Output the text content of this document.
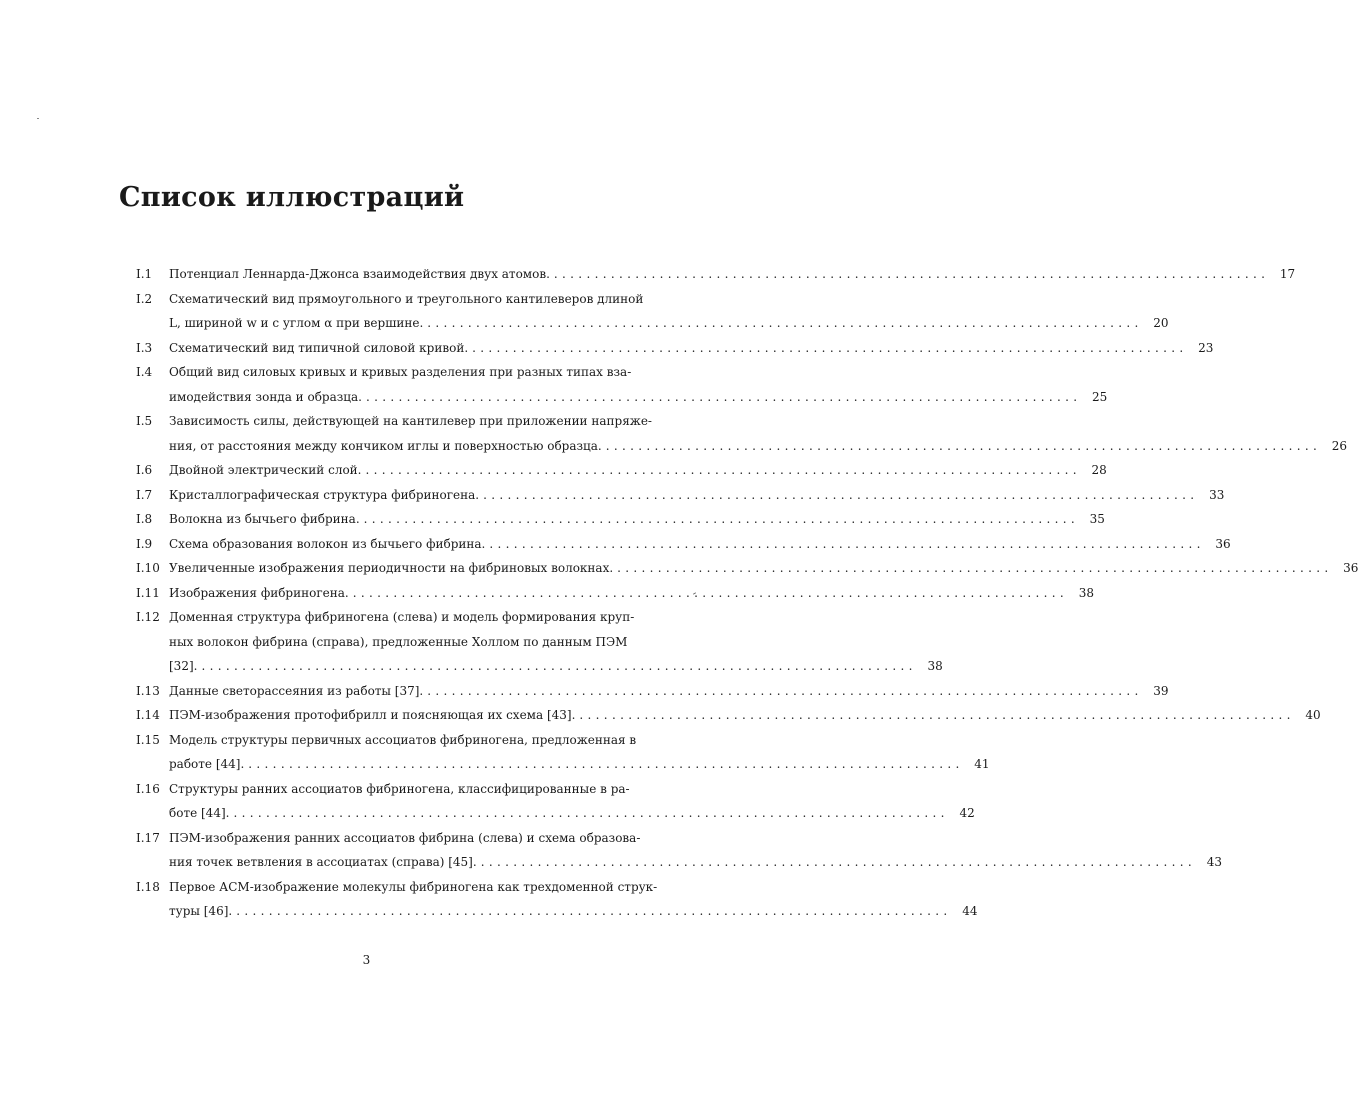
Список иллюстраций
I.1	Потенциал Леннарда-Джонса взаимодействия двух атомов. . . .	17
I.2	Схематический вид прямоугольного и треугольного кантилеверов длиной
L, шириной w и с углом α при вершине. . . .	20
I.3	Схематический вид типичной силовой кривой. . . .	23
I.4	Общий вид силовых кривых и кривых разделения при разных типах вза-
имодействия зонда и образца. . . .	25
I.5	Зависимость силы, действующей на кантилевер при приложении напряже-
ния, от расстояния между кончиком иглы и поверхностью образца. . . .	26
I.6	Двойной электрический слой. . . .	28
I.7	Кристаллографическая структура фибриногена. . . .	33
I.8	Волокна из бычьего фибрина. . . .	35
I.9	Схема образования волокон из бычьего фибрина. . . .	36
I.10 Увеличенные изображения периодичности на фибриновых волокнах. . . .	36
I.11 Изображения фибриногена. . . .	38
I.12 Доменная структура фибриногена (слева) и модель формирования круп-
ных волокон фибрина (справа), предложенные Холлом по данным ПЭМ
[32]. . . .	38
I.13 Данные светорассеяния из работы [37]. . . .	39
I.14 ПЭМ-изображения протофибрилл и поясняющая их схема [43]. . . .	40
I.15 Модель структуры первичных ассоциатов фибриногена, предложенная в
работе [44]. . . .	41
I.16 Структуры ранних ассоциатов фибриногена, классифицированные в ра-
боте [44]. . . .	42
I.17 ПЭМ-изображения ранних ассоциатов фибрина (слева) и схема образова-
ния точек ветвления в ассоциатах (справа) [45]. . . .	43
I.18 Первое АСМ-изображение молекулы фибриногена как трехдоменной струк-
туры [46]. . . .	44
3
